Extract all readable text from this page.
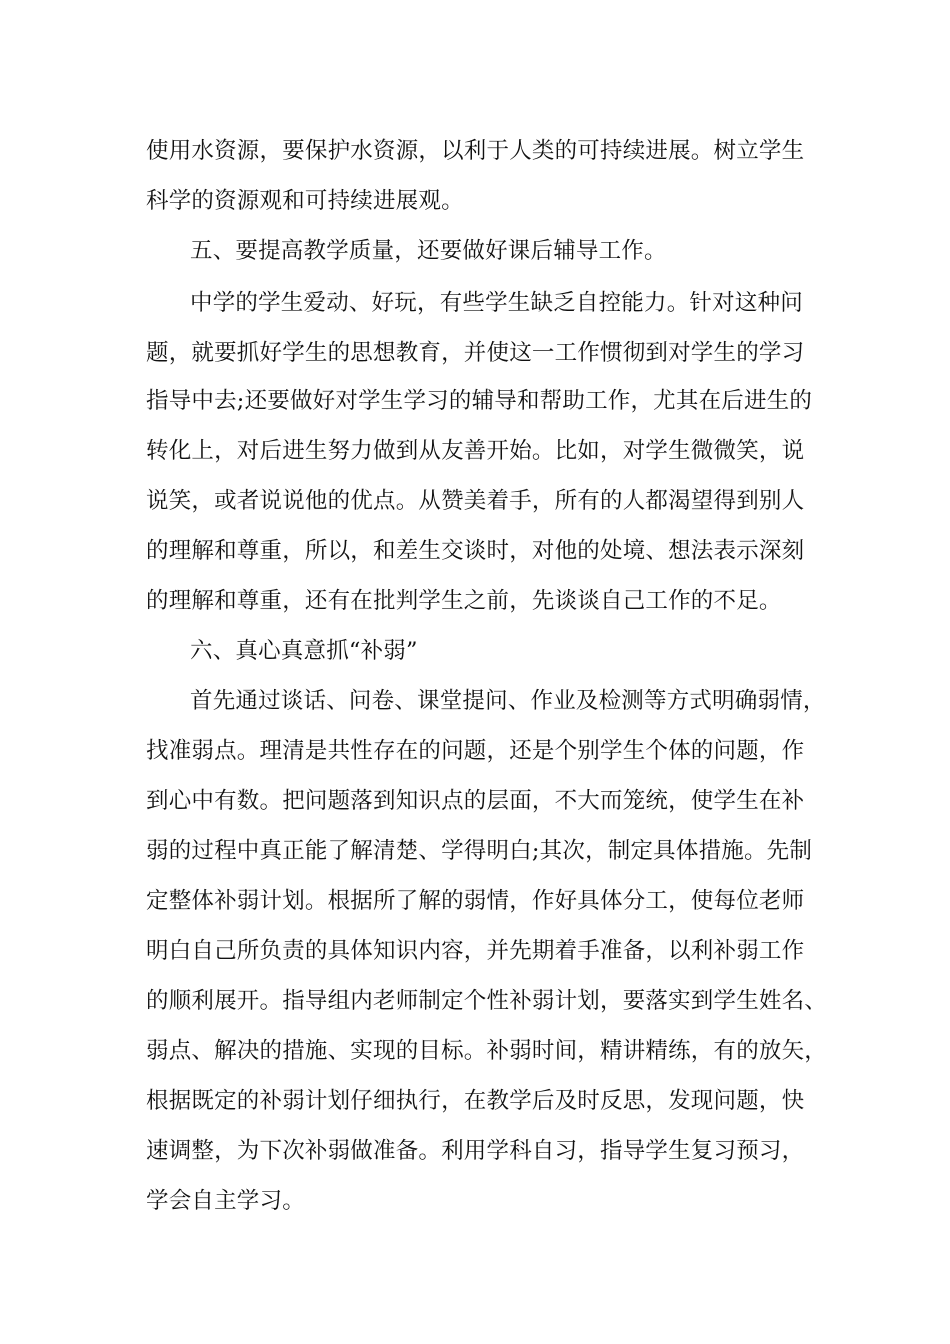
使用水资源，要保护水资源，以利于人类的可持续进展。树立学生
科学的资源观和可持续进展观。
五、要提高教学质量，还要做好课后辅导工作。
中学的学生爱动、好玩，有些学生缺乏自控能力。针对这种问
题，就要抓好学生的思想教育，并使这一工作惯彻到对学生的学习
指导中去;还要做好对学生学习的辅导和帮助工作，尤其在后进生的
转化上，对后进生努力做到从友善开始。比如，对学生微微笑，说
说笑，或者说说他的优点。从赞美着手，所有的人都渴望得到别人
的理解和尊重，所以，和差生交谈时，对他的处境、想法表示深刻
的理解和尊重，还有在批判学生之前，先谈谈自己工作的不足。
六、真心真意抓“补弱”
首先通过谈话、问卷、课堂提问、作业及检测等方式明确弱情，
找准弱点。理清是共性存在的问题，还是个别学生个体的问题，作
到心中有数。把问题落到知识点的层面，不大而笼统，使学生在补
弱的过程中真正能了解清楚、学得明白;其次，制定具体措施。先制
定整体补弱计划。根据所了解的弱情，作好具体分工，使每位老师
明白自己所负责的具体知识内容，并先期着手准备，以利补弱工作
的顺利展开。指导组内老师制定个性补弱计划，要落实到学生姓名、
弱点、解决的措施、实现的目标。补弱时间，精讲精练，有的放矢，
根据既定的补弱计划仔细执行，在教学后及时反思，发现问题，快
速调整，为下次补弱做准备。利用学科自习，指导学生复习预习，
学会自主学习。
